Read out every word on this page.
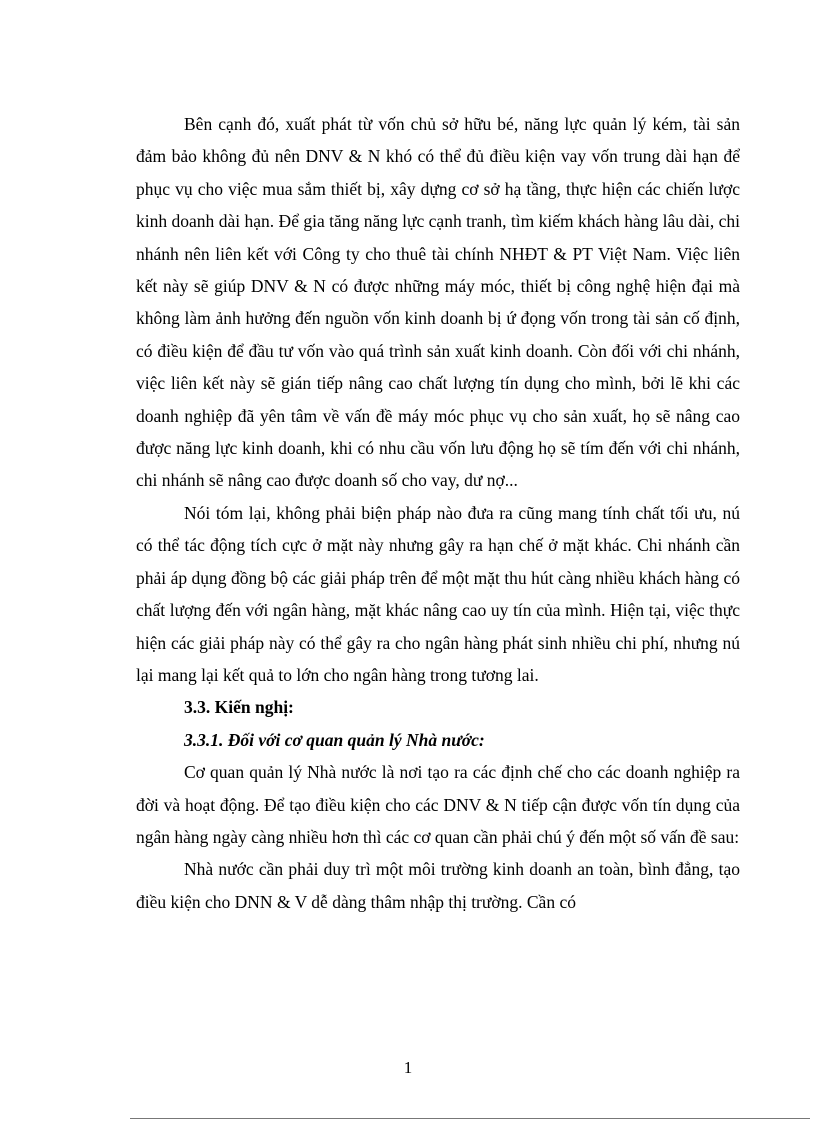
Bên cạnh đó, xuất phát từ vốn chủ sở hữu bé, năng lực quản lý kém, tài sản đảm bảo không đủ nên DNV & N khó có thể đủ điều kiện vay vốn trung dài hạn để phục vụ cho việc mua sắm thiết bị, xây dựng cơ sở hạ tầng, thực hiện các chiến lược kinh doanh dài hạn. Để gia tăng năng lực cạnh tranh, tìm kiếm khách hàng lâu dài, chi nhánh nên liên kết với Công ty cho thuê tài chính NHĐT & PT Việt Nam. Việc liên kết này sẽ giúp DNV & N có được những máy móc, thiết bị công nghệ hiện đại mà không làm ảnh hưởng đến nguồn vốn kinh doanh bị ứ đọng vốn trong tài sản cố định, có điều kiện để đầu tư vốn vào quá trình sản xuất kinh doanh. Còn đối với chi nhánh, việc liên kết này sẽ gián tiếp nâng cao chất lượng tín dụng cho mình, bởi lẽ khi các doanh nghiệp đã yên tâm về vấn đề máy móc phục vụ cho sản xuất, họ sẽ nâng cao được năng lực kinh doanh, khi có nhu cầu vốn lưu động họ sẽ tím đến với chi nhánh, chi nhánh sẽ nâng cao được doanh số cho vay, dư nợ...

Nói tóm lại, không phải biện pháp nào đưa ra cũng mang tính chất tối ưu, nú có thể tác động tích cực ở mặt này nhưng gây ra hạn chế ở mặt khác. Chi nhánh cần phải áp dụng đồng bộ các giải pháp trên để một mặt thu hút càng nhiều khách hàng có chất lượng đến với ngân hàng, mặt khác nâng cao uy tín của mình. Hiện tại, việc thực hiện các giải pháp này có thể gây ra cho ngân hàng phát sinh nhiều chi phí, nhưng nú lại mang lại kết quả to lớn cho ngân hàng trong tương lai.

3.3. Kiến nghị:

3.3.1. Đối với cơ quan quản lý Nhà nước:

Cơ quan quản lý Nhà nước là nơi tạo ra các định chế cho các doanh nghiệp ra đời và hoạt động. Để tạo điều kiện cho các DNV & N tiếp cận được vốn tín dụng của ngân hàng ngày càng nhiều hơn thì các cơ quan cần phải chú ý đến một số vấn đề sau:

Nhà nước cần phải duy trì một môi trường kinh doanh an toàn, bình đẳng, tạo điều kiện cho DNN & V dễ dàng thâm nhập thị trường. Cần có

1
